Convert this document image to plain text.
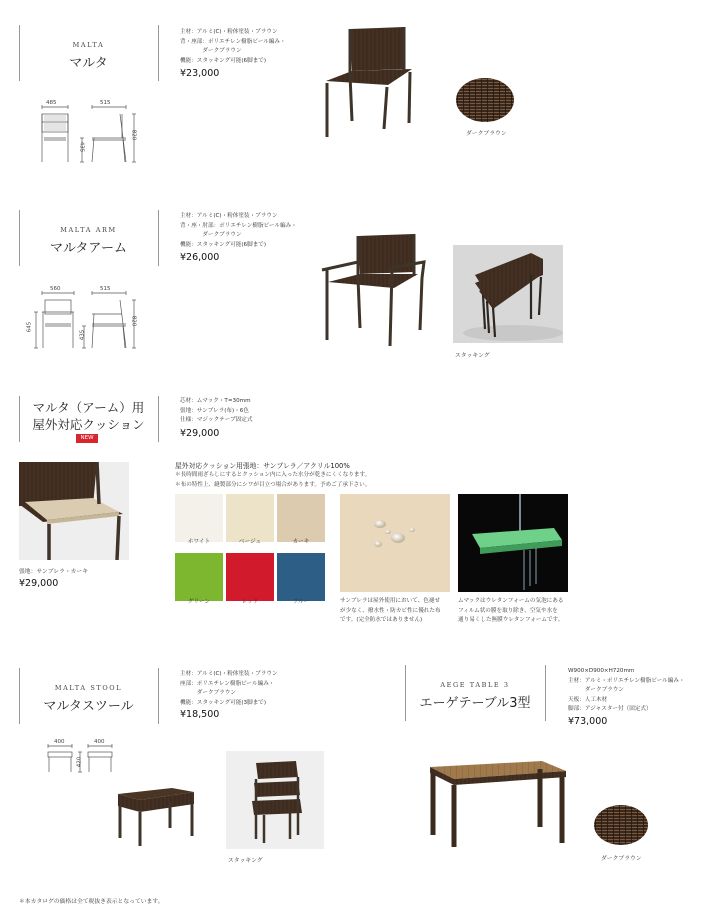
MALTA
マルタ
主材：アルミ(C)・粉体塗装・ブラウン
背・座部：ポリエチレン樹脂ビール編み・
　　　　ダークブラウン
機能：スタッキング可能(6脚まで)
¥23,000
485	515
820
435
ダークブラウン
MALTA ARM
マルタアーム
主材：アルミ(C)・粉体塗装・ブラウン
背・座・肘部：ポリエチレン樹脂ビール編み・
　　　　ダークブラウン
機能：スタッキング可能(6脚まで)
¥26,000
560	515
820
645
435
スタッキング
マルタ（アーム）用
屋外対応クッション
NEW
芯材：ムマック・T=30mm
張地：サンブレラ(布)・6色
仕様：マジックテープ固定式
¥29,000
張地：サンブレラ・カーキ
¥29,000
屋外対応クッション用張地：サンブレラ／アクリル100%
＊長時間雨ざらしにするとクッション内に入った水分が乾きにくくなります。
＊布の特性上、縫製部分にシワが目立つ場合があります。予めご了承下さい。
ホワイト	ベージュ	カーキ
グリーン	レッド	ブルー	サンブレラは屋外使用において、色褪せ
が少なく、撥水性・防カビ性に優れた布
です。(完全防水ではありません)
ムマックはウレタンフォームの気泡にある
フィルム状の膜を取り除き、空気や水を
通り易くした無膜ウレタンフォームです。
MALTA STOOL
マルタスツール
主材：アルミ(C)・粉体塗装・ブラウン
座部：ポリエチレン樹脂ビール編み・
　　　ダークブラウン
機能：スタッキング可能(3脚まで)
¥18,500
400	400
420
スタッキング
AEGE TABLE 3
エーゲテーブル3型
W900×D900×H720mm
主材：アルミ・ポリエチレン樹脂ビール編み・
　　　ダークブラウン
天板：人工木材
脚部：アジャスター付（固定式）
¥73,000
ダークブラウン
＊本カタログの価格は全て税抜き表示となっています。
